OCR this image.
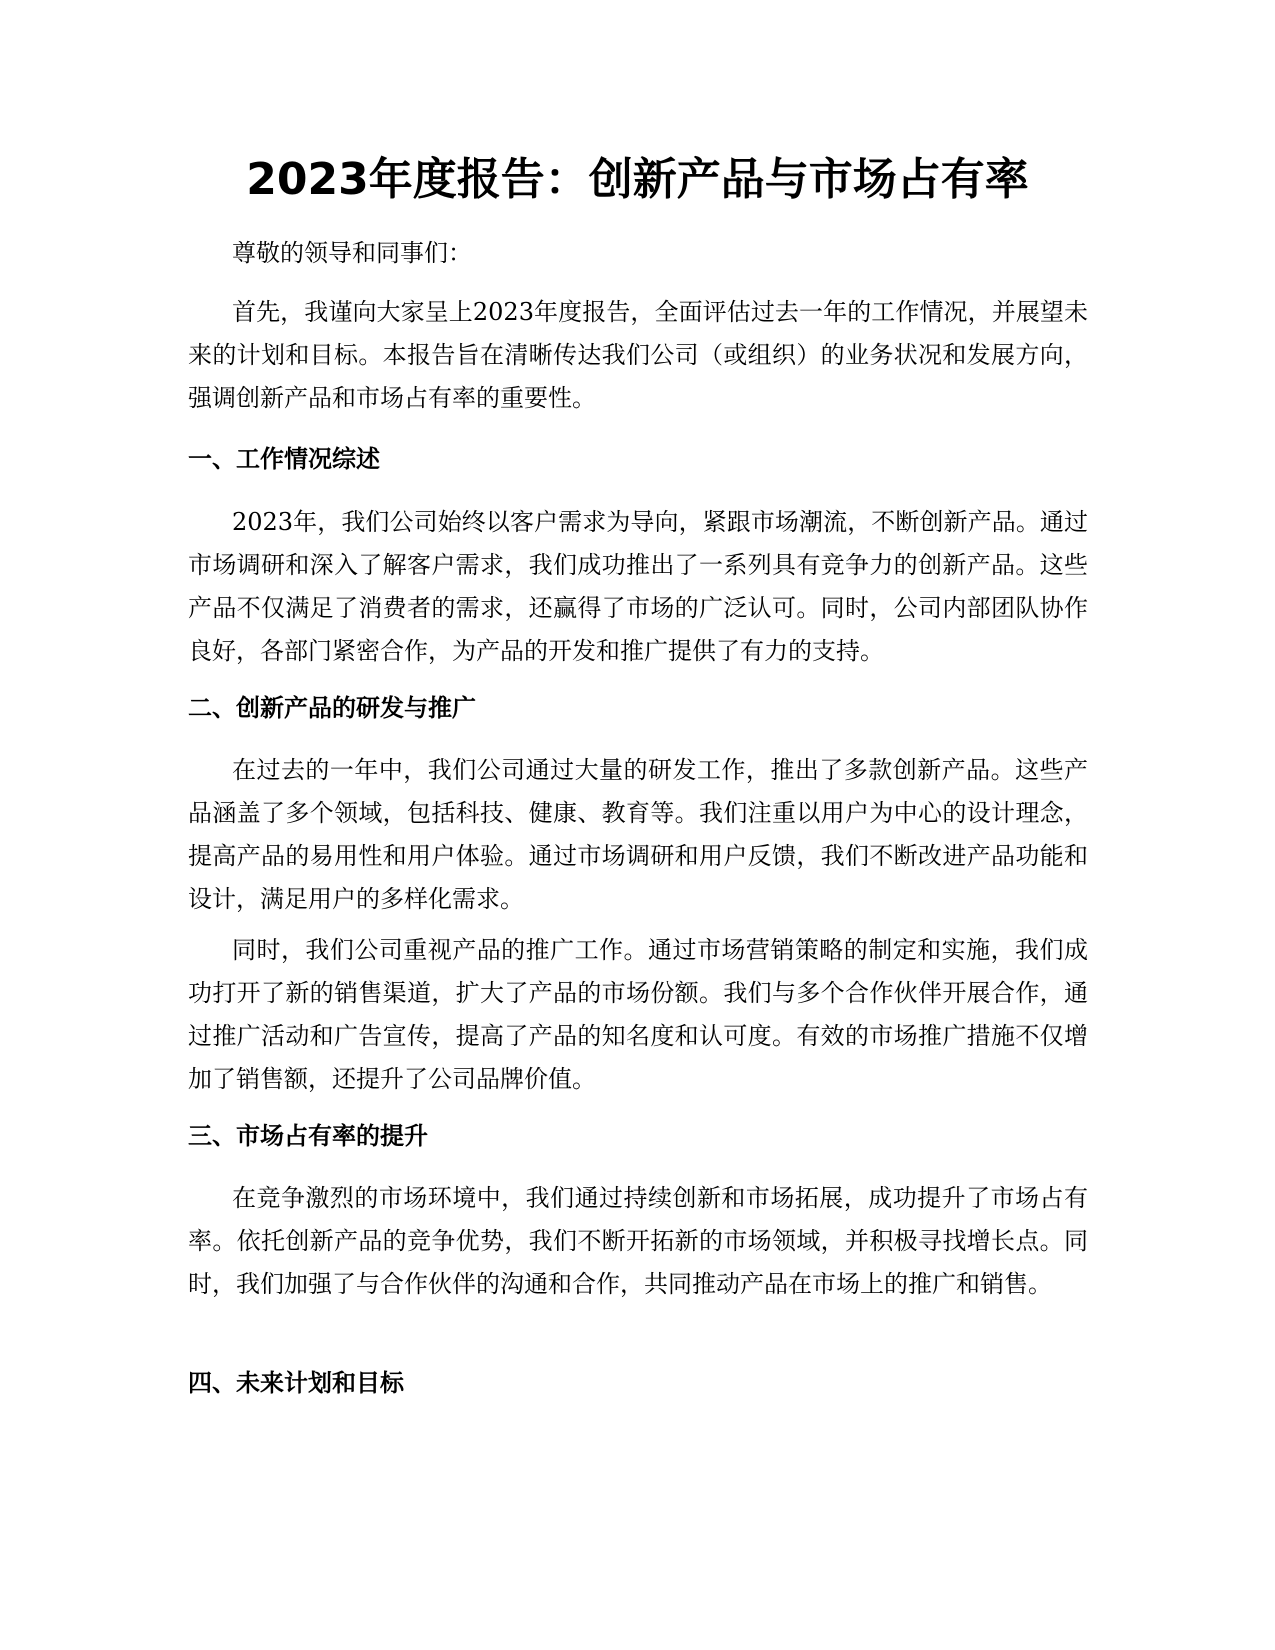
2023年度报告：创新产品与市场占有率

尊敬的领导和同事们：

首先，我谨向大家呈上2023年度报告，全面评估过去一年的工作情况，并展望未来的计划和目标。本报告旨在清晰传达我们公司（或组织）的业务状况和发展方向，强调创新产品和市场占有率的重要性。

一、工作情况综述

2023年，我们公司始终以客户需求为导向，紧跟市场潮流，不断创新产品。通过市场调研和深入了解客户需求，我们成功推出了一系列具有竞争力的创新产品。这些产品不仅满足了消费者的需求，还赢得了市场的广泛认可。同时，公司内部团队协作良好，各部门紧密合作，为产品的开发和推广提供了有力的支持。

二、创新产品的研发与推广

在过去的一年中，我们公司通过大量的研发工作，推出了多款创新产品。这些产品涵盖了多个领域，包括科技、健康、教育等。我们注重以用户为中心的设计理念，提高产品的易用性和用户体验。通过市场调研和用户反馈，我们不断改进产品功能和设计，满足用户的多样化需求。

同时，我们公司重视产品的推广工作。通过市场营销策略的制定和实施，我们成功打开了新的销售渠道，扩大了产品的市场份额。我们与多个合作伙伴开展合作，通过推广活动和广告宣传，提高了产品的知名度和认可度。有效的市场推广措施不仅增加了销售额，还提升了公司品牌价值。

三、市场占有率的提升

在竞争激烈的市场环境中，我们通过持续创新和市场拓展，成功提升了市场占有率。依托创新产品的竞争优势，我们不断开拓新的市场领域，并积极寻找增长点。同时，我们加强了与合作伙伴的沟通和合作，共同推动产品在市场上的推广和销售。

四、未来计划和目标
